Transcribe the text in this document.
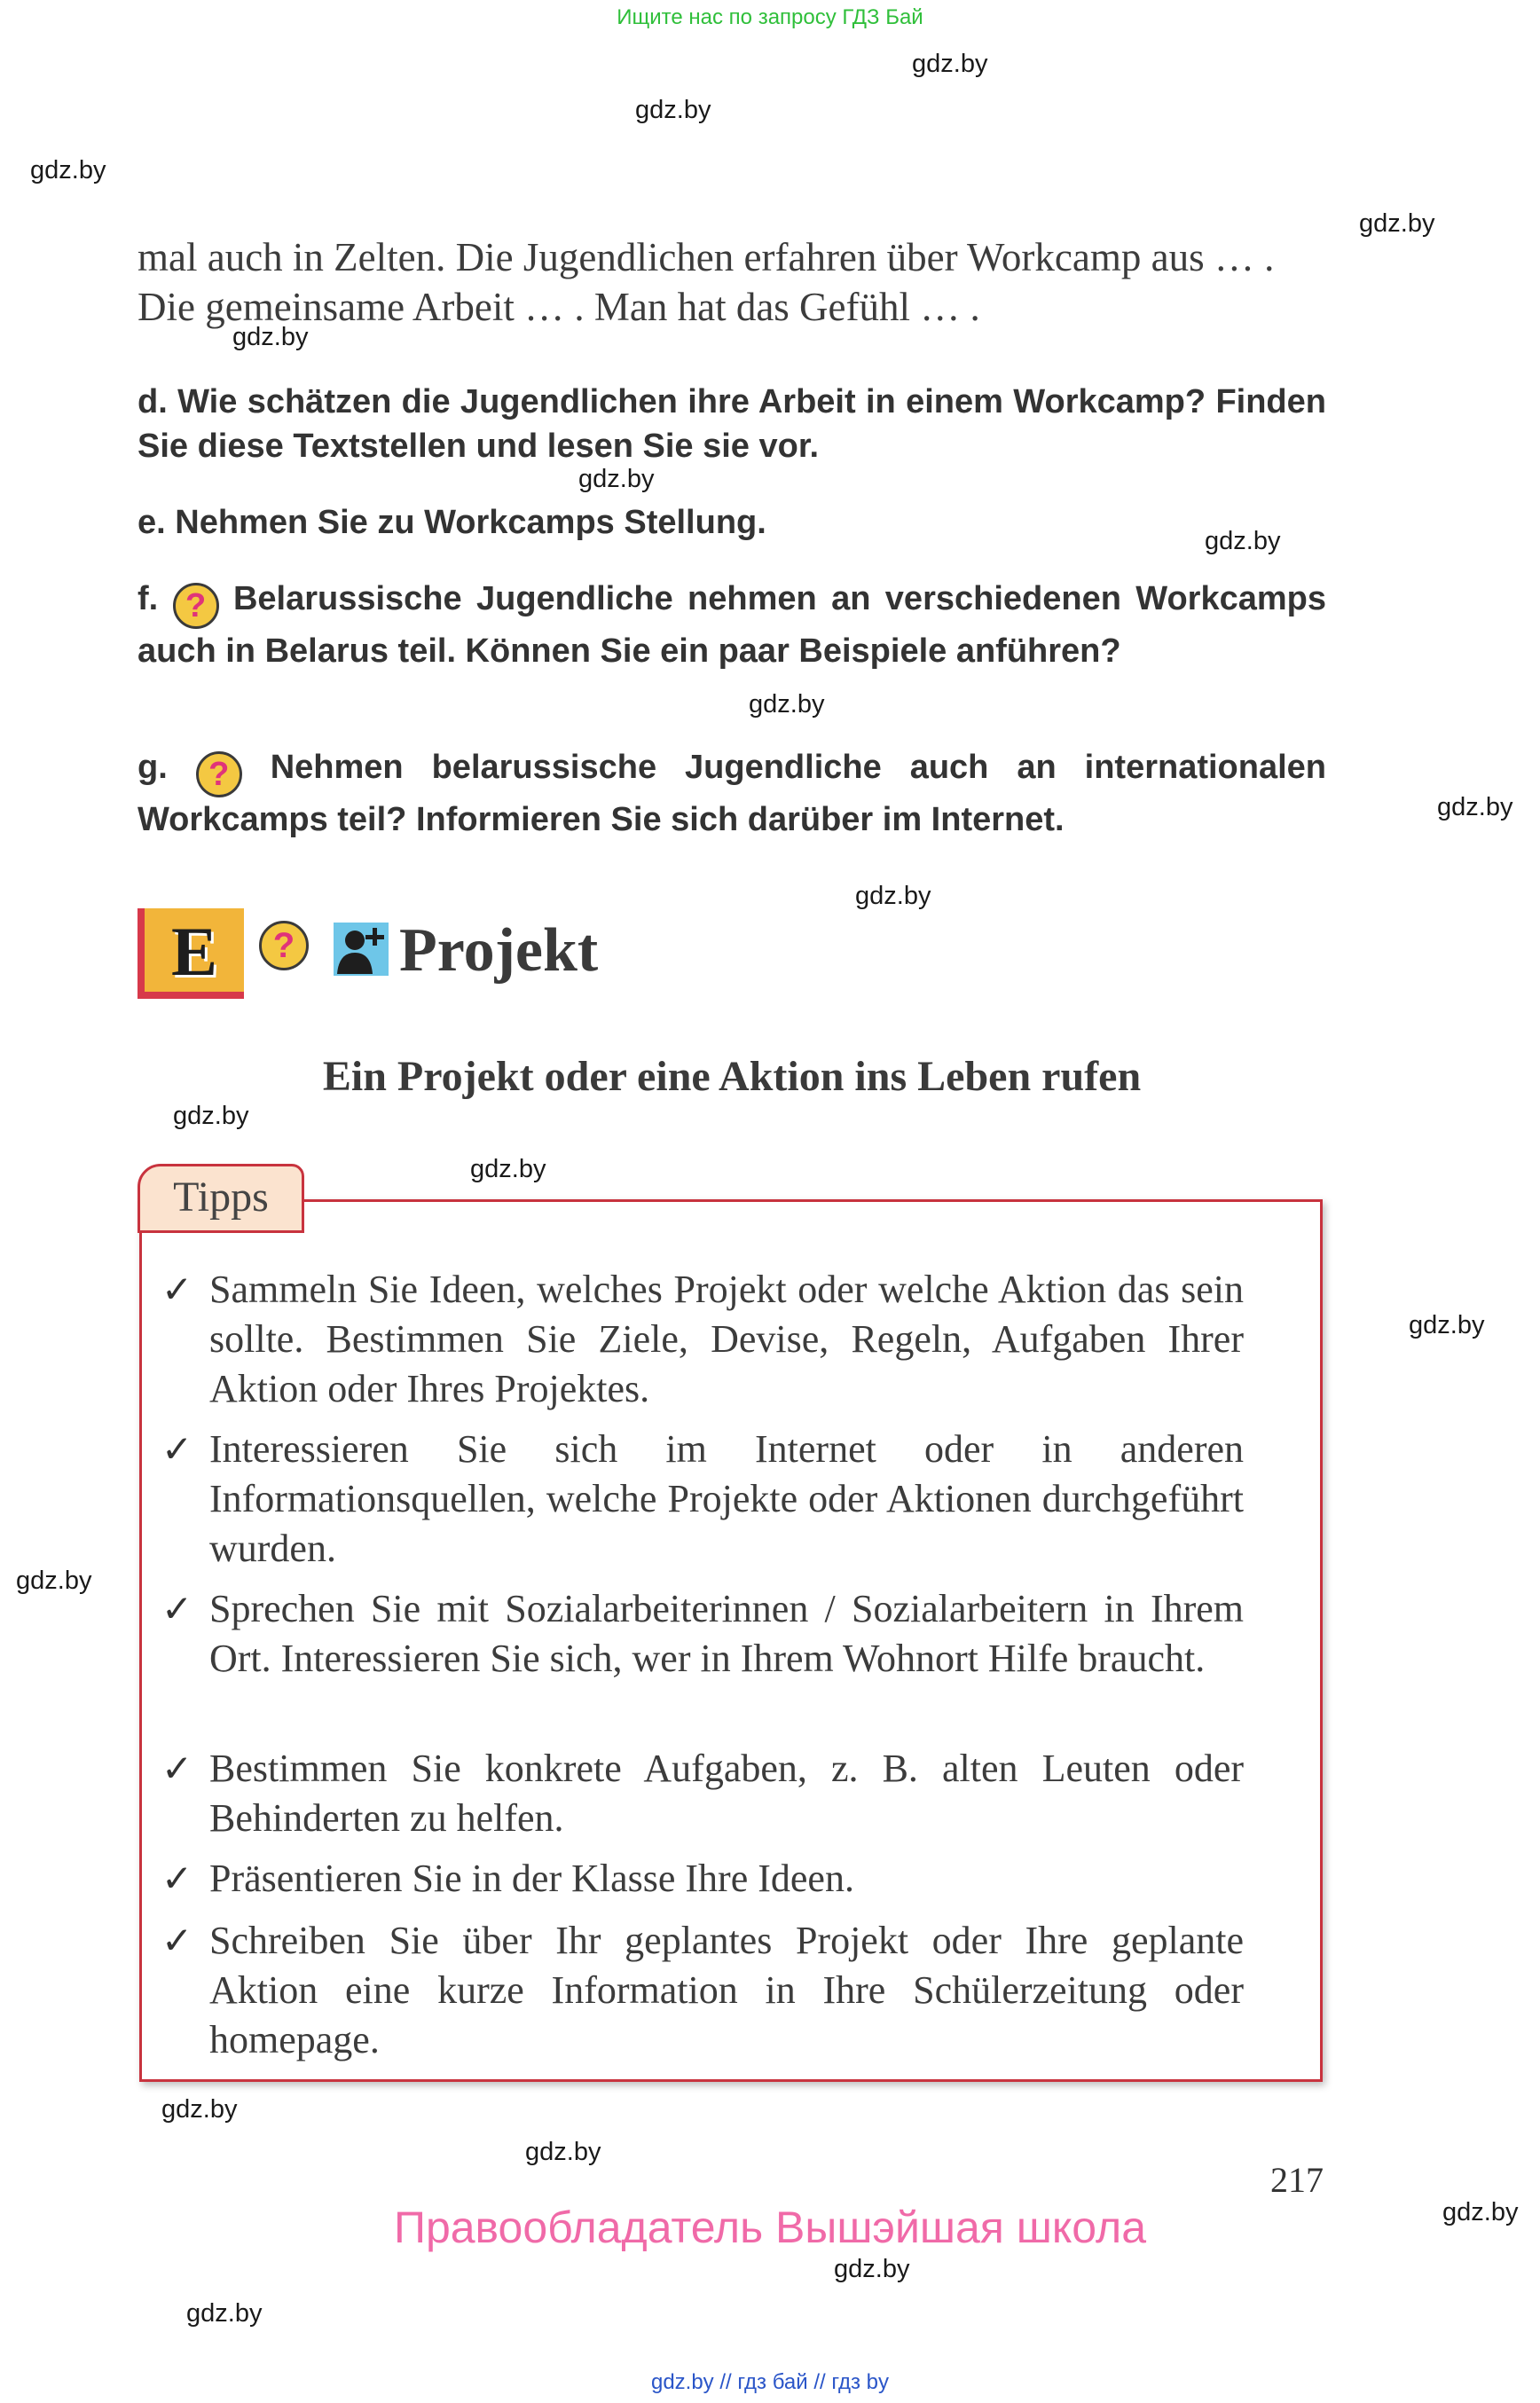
Ищите нас по запросу ГДЗ Бай
gdz.by
gdz.by
gdz.by
gdz.by
gdz.by
gdz.by
gdz.by
gdz.by
gdz.by
gdz.by
gdz.by
gdz.by
gdz.by
gdz.by
gdz.by
gdz.by
gdz.by
gdz.by
gdz.by
mal auch in Zelten. Die Jugendlichen erfahren über Workcamp aus … . Die gemeinsame Arbeit … . Man hat das Gefühl … .
d. Wie schätzen die Jugendlichen ihre Arbeit in einem Workcamp? Finden Sie diese Textstellen und lesen Sie sie vor.
e. Nehmen Sie zu Workcamps Stellung.
f. ? Belarussische Jugendliche nehmen an verschiedenen Workcamps auch in Belarus teil. Können Sie ein paar Beispiele anführen?
g. ? Nehmen belarussische Jugendliche auch an internationalen Workcamps teil? Informieren Sie sich darüber im Internet.
E	? Projekt
Ein Projekt oder eine Aktion ins Leben rufen
Tipps
✓ Sammeln Sie Ideen, welches Projekt oder welche Aktion das sein sollte. Bestimmen Sie Ziele, Devise, Regeln, Aufgaben Ihrer Aktion oder Ihres Projektes.
✓ Interessieren Sie sich im Internet oder in anderen Informationsquellen, welche Projekte oder Aktionen durchgeführt wurden.
✓ Sprechen Sie mit Sozialarbeiterinnen / Sozialarbeitern in Ihrem Ort. Interessieren Sie sich, wer in Ihrem Wohnort Hilfe braucht.
✓ Bestimmen Sie konkrete Aufgaben, z. B. alten Leuten oder Behinderten zu helfen.
✓ Präsentieren Sie in der Klasse Ihre Ideen.
✓ Schreiben Sie über Ihr geplantes Projekt oder Ihre geplante Aktion eine kurze Information in Ihre Schülerzeitung oder homepage.
217
Правообладатель Вышэйшая школа
gdz.by // гдз бай // гдз by
